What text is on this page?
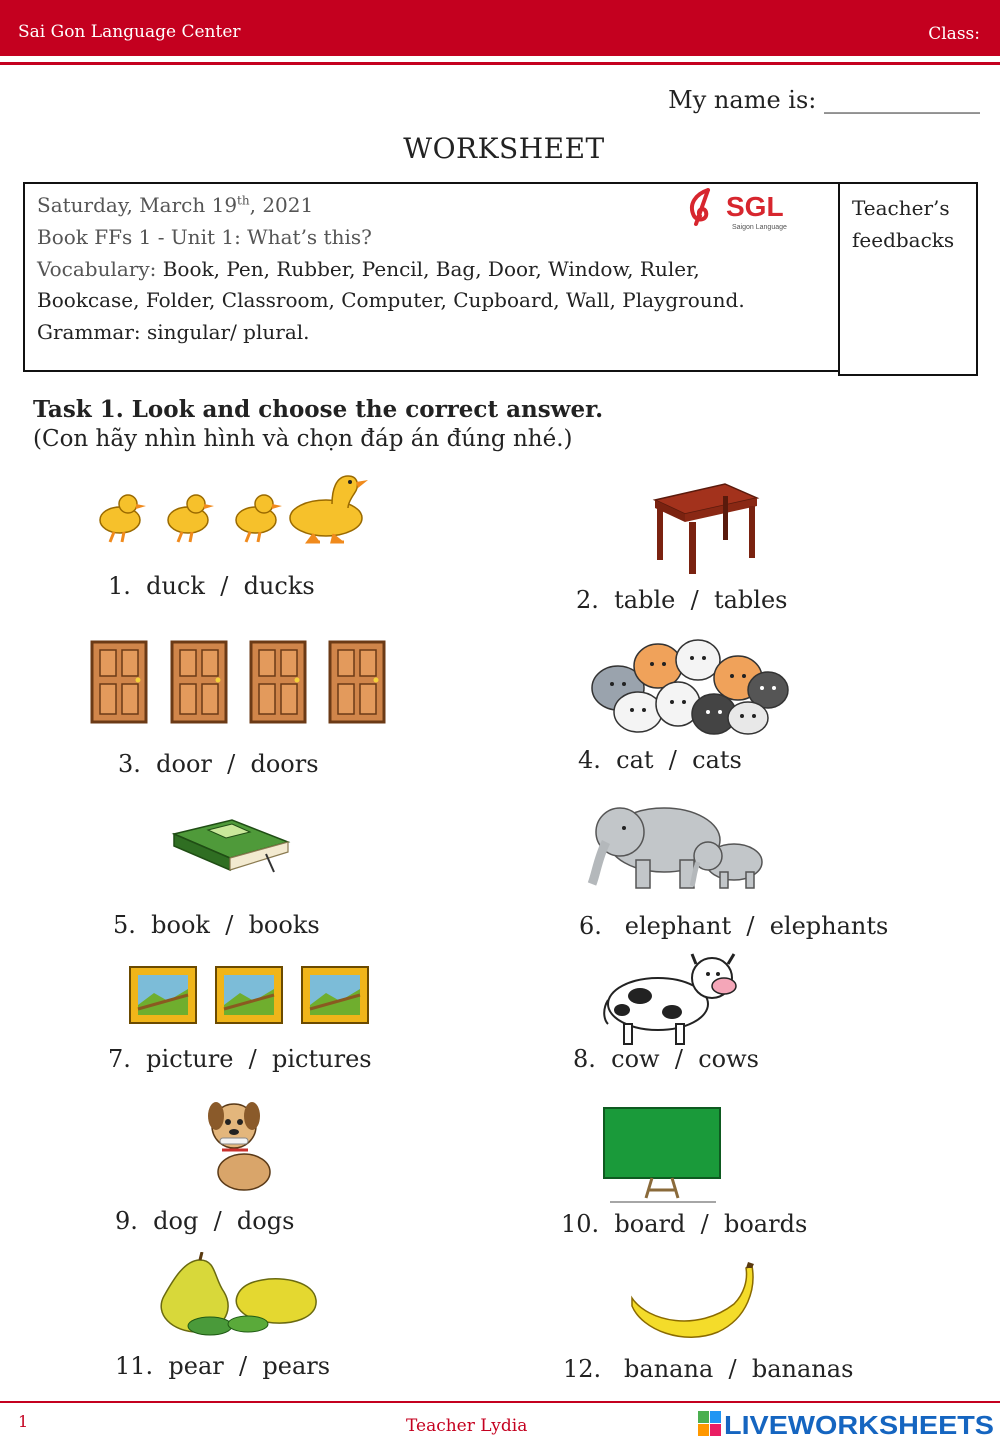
Sai Gon Language Center	Class:
My name is: _____________
WORKSHEET
Teacher’s
feedbacks
Saturday, March 19th, 2021
Book FFs 1 - Unit 1: What’s this?
Vocabulary: Book, Pen, Rubber, Pencil, Bag, Door, Window, Ruler,
Bookcase, Folder, Classroom, Computer, Cupboard, Wall, Playground.
Grammar: singular/ plural.
SGL
Saigon Language
Task 1. Look and choose the correct answer.
(Con hãy nhìn hình và chọn đáp án đúng nhé.)
1.  duck  /  ducks	2.  table  /  tables
3.  door  /  doors	4.  cat  /  cats
5.  book  /  books	6.   elephant  /  elephants
7.  picture  /  pictures	8.  cow  /  cows
9.  dog  /  dogs	10.  board  /  boards
11.  pear  /  pears	12.   banana  /  bananas
1	Teacher Lydia	LIVEWORKSHEETS
